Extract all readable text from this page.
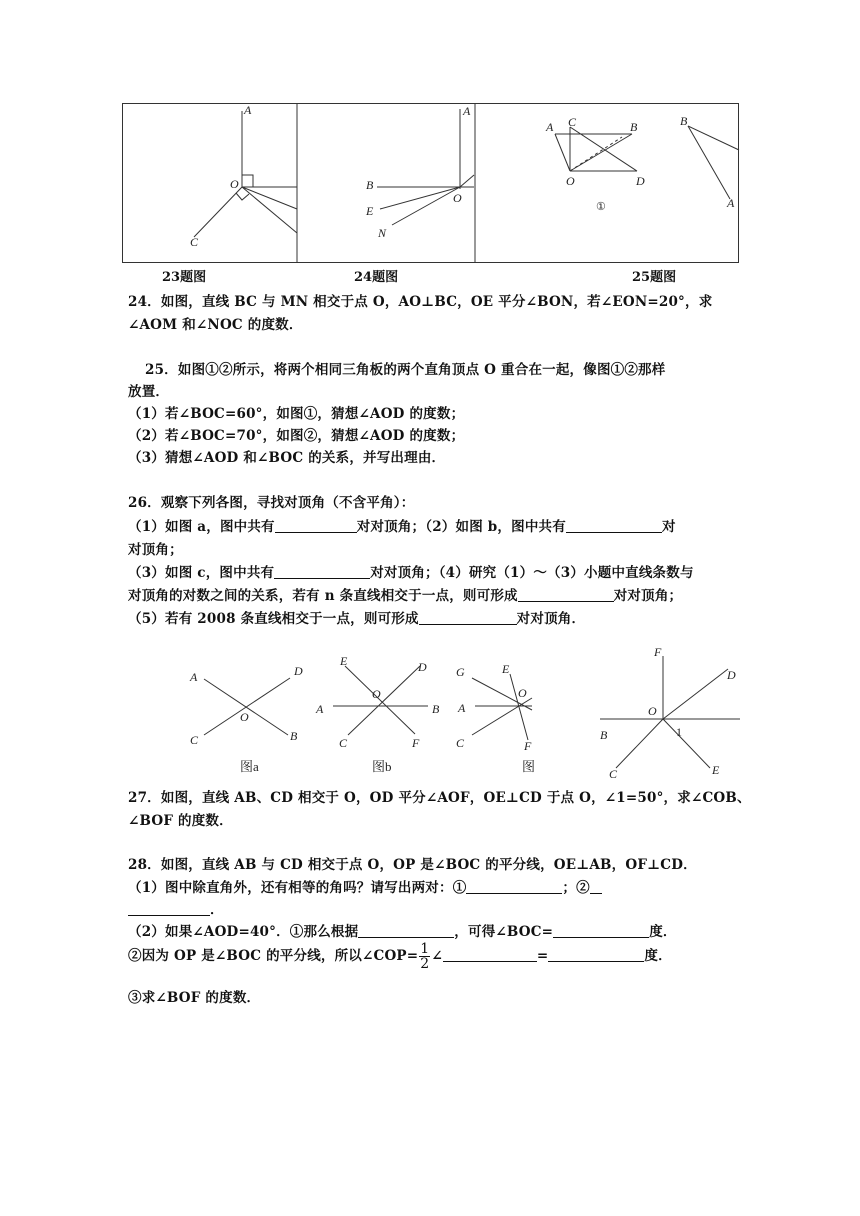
A
O
C
A
B
O
E
N
A C	B
O	D
①
B
A
23题图	24题图	25题图
24．如图，直线 BC 与 MN 相交于点 O，AO⊥BC，OE 平分∠BON，若∠EON=20°，求
∠AOM 和∠NOC 的度数．
25．如图①②所示，将两个相同三角板的两个直角顶点 O 重合在一起，像图①②那样
放置．
（1）若∠BOC=60°，如图①，猜想∠AOD 的度数；
（2）若∠BOC=70°，如图②，猜想∠AOD 的度数；
（3）猜想∠AOD 和∠BOC 的关系，并写出理由．
26．观察下列各图，寻找对顶角（不含平角）：
（1）如图 a，图中共有	对对顶角；（2）如图 b，图中共有	对
对顶角；
（3）如图 c，图中共有	对对顶角；（4）研究（1）～（3）小题中直线条数与
对顶角的对数之间的关系，若有 n 条直线相交于一点，则可形成	对对顶角；
（5）若有 2008 条直线相交于一点，则可形成	对对顶角．
A	D
O
C	B
图a
E	D
O
A	B
C	F
图b
G	E
O
A
C	F
图
F
D
O
1
B
C	E
27．如图，直线 AB、CD 相交于 O，OD 平分∠AOF，OE⊥CD 于点 O，∠1=50°，求∠COB、
∠BOF 的度数．
28．如图，直线 AB 与 CD 相交于点 O，OP 是∠BOC 的平分线，OE⊥AB，OF⊥CD．
（1）图中除直角外，还有相等的角吗？请写出两对：①	；②
．
（2）如果∠AOD=40°．①那么根据	，可得∠BOC=	度．
②因为 OP 是∠BOC 的平分线，所以∠COP= $\frac{1}{2}$ ∠	=	度．
③求∠BOF 的度数．
